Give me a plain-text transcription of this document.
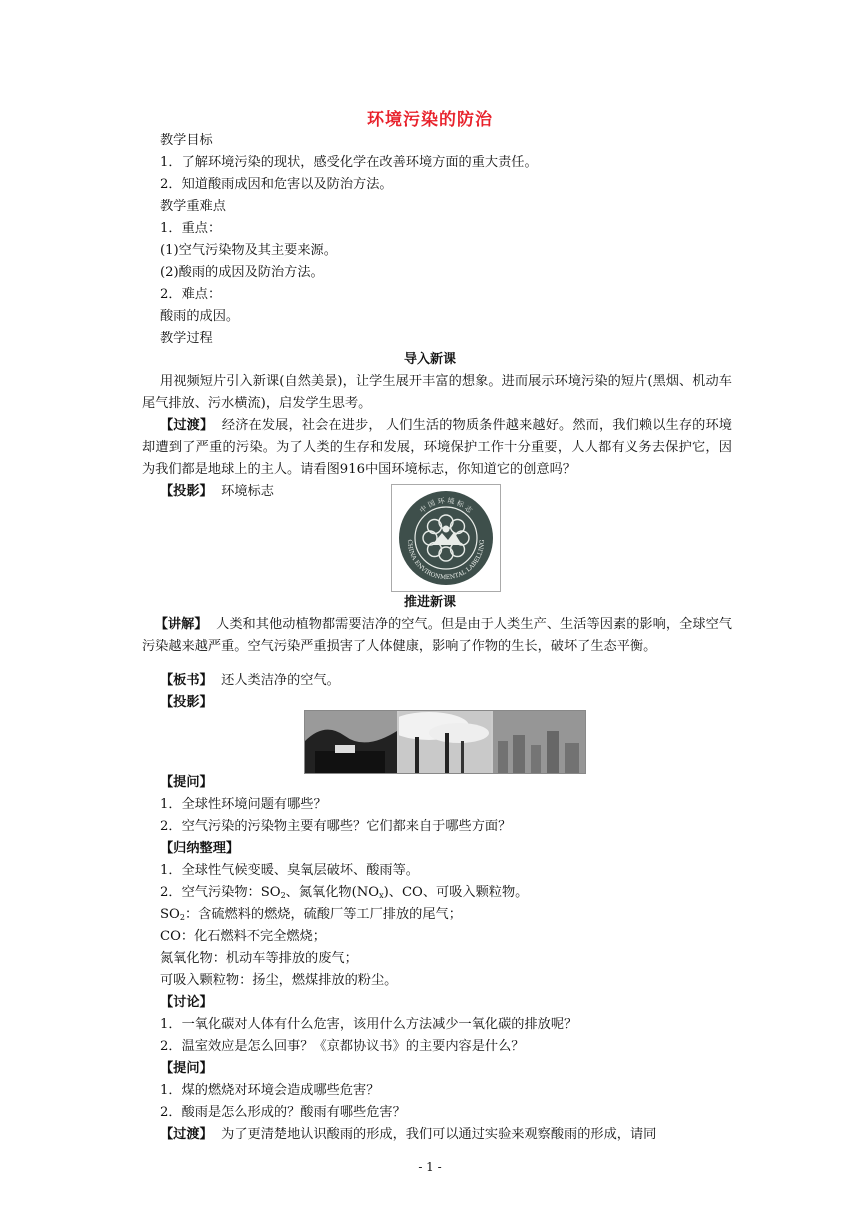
环境污染的防治
教学目标
1．了解环境污染的现状，感受化学在改善环境方面的重大责任。
2．知道酸雨成因和危害以及防治方法。
教学重难点
1．重点：
(1)空气污染物及其主要来源。
(2)酸雨的成因及防治方法。
2．难点：
酸雨的成因。
教学过程
导入新课
用视频短片引入新课(自然美景)，让学生展开丰富的想象。进而展示环境污染的短片(黑烟、机动车尾气排放、污水横流)，启发学生思考。
【过渡】 经济在发展，社会在进步， 人们生活的物质条件越来越好。然而，我们赖以生存的环境却遭到了严重的污染。为了人类的生存和发展，环境保护工作十分重要，人人都有义务去保护它，因为我们都是地球上的主人。请看图916中国环境标志，你知道它的创意吗？
【投影】 环境标志
中 国 环 境 标 志
CHINA ENVIRONMENTAL LABELLING
推进新课
【讲解】 人类和其他动植物都需要洁净的空气。但是由于人类生产、生活等因素的影响，全球空气污染越来越严重。空气污染严重损害了人体健康，影响了作物的生长，破坏了生态平衡。
【板书】 还人类洁净的空气。
【投影】
【提问】
1．全球性环境问题有哪些？
2．空气污染的污染物主要有哪些？它们都来自于哪些方面？
【归纳整理】
1．全球性气候变暖、臭氧层破坏、酸雨等。
2．空气污染物：$SO_2$、氮氧化物$(NO_x)$、CO、可吸入颗粒物。
$SO_2$：含硫燃料的燃烧，硫酸厂等工厂排放的尾气；
CO：化石燃料不完全燃烧；
氮氧化物：机动车等排放的废气；
可吸入颗粒物：扬尘，燃煤排放的粉尘。
【讨论】
1．一氧化碳对人体有什么危害，该用什么方法减少一氧化碳的排放呢？
2．温室效应是怎么回事？《京都协议书》的主要内容是什么？
【提问】
1．煤的燃烧对环境会造成哪些危害？
2．酸雨是怎么形成的？酸雨有哪些危害？
【过渡】 为了更清楚地认识酸雨的形成，我们可以通过实验来观察酸雨的形成，请同
- 1 -
